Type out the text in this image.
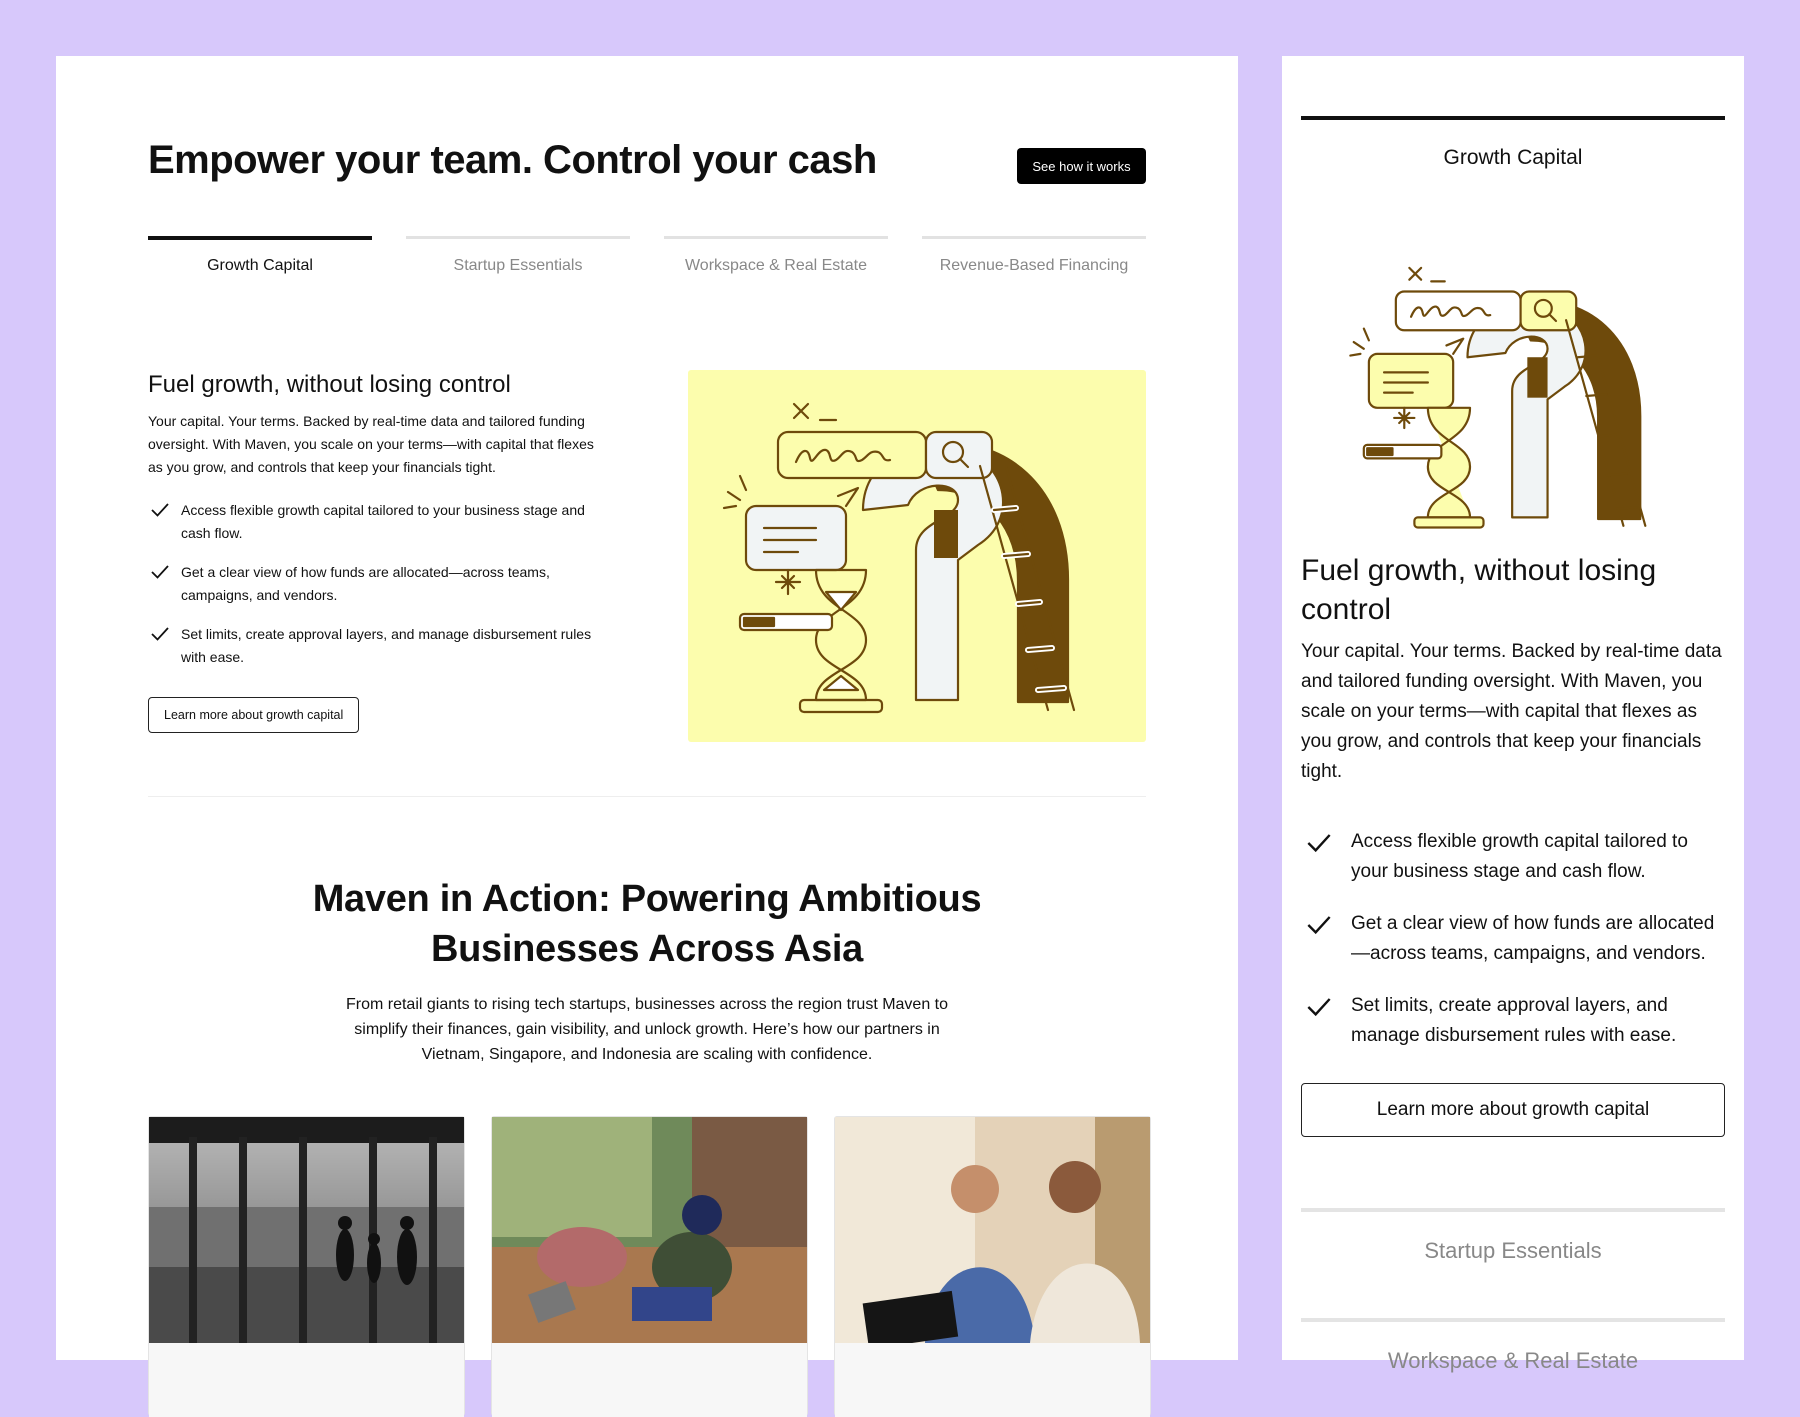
Empower your team. Control your cash	See how it works
Growth Capital	Startup Essentials	Workspace & Real Estate	Revenue-Based Financing
Fuel growth, without losing control

Your capital. Your terms. Backed by real-time data and tailored funding oversight. With Maven, you scale on your terms—with capital that flexes as you grow, and controls that keep your financials tight.

Access flexible growth capital tailored to your business stage and cash flow.
Get a clear view of how funds are allocated—across teams, campaigns, and vendors.
Set limits, create approval layers, and manage disbursement rules with ease.
Learn more about growth capital
Maven in Action: Powering Ambitious Businesses Across Asia

From retail giants to rising tech startups, businesses across the region trust Maven to simplify their finances, gain visibility, and unlock growth. Here’s how our partners in Vietnam, Singapore, and Indonesia are scaling with confidence.

Growth Capital
Fuel growth, without losing control

Your capital. Your terms. Backed by real-time data and tailored funding oversight. With Maven, you scale on your terms—with capital that flexes as you grow, and controls that keep your financials tight.

Access flexible growth capital tailored to your business stage and cash flow.
Get a clear view of how funds are allocated—across teams, campaigns, and vendors.
Set limits, create approval layers, and manage disbursement rules with ease.
Learn more about growth capital
Startup Essentials
Workspace & Real Estate
